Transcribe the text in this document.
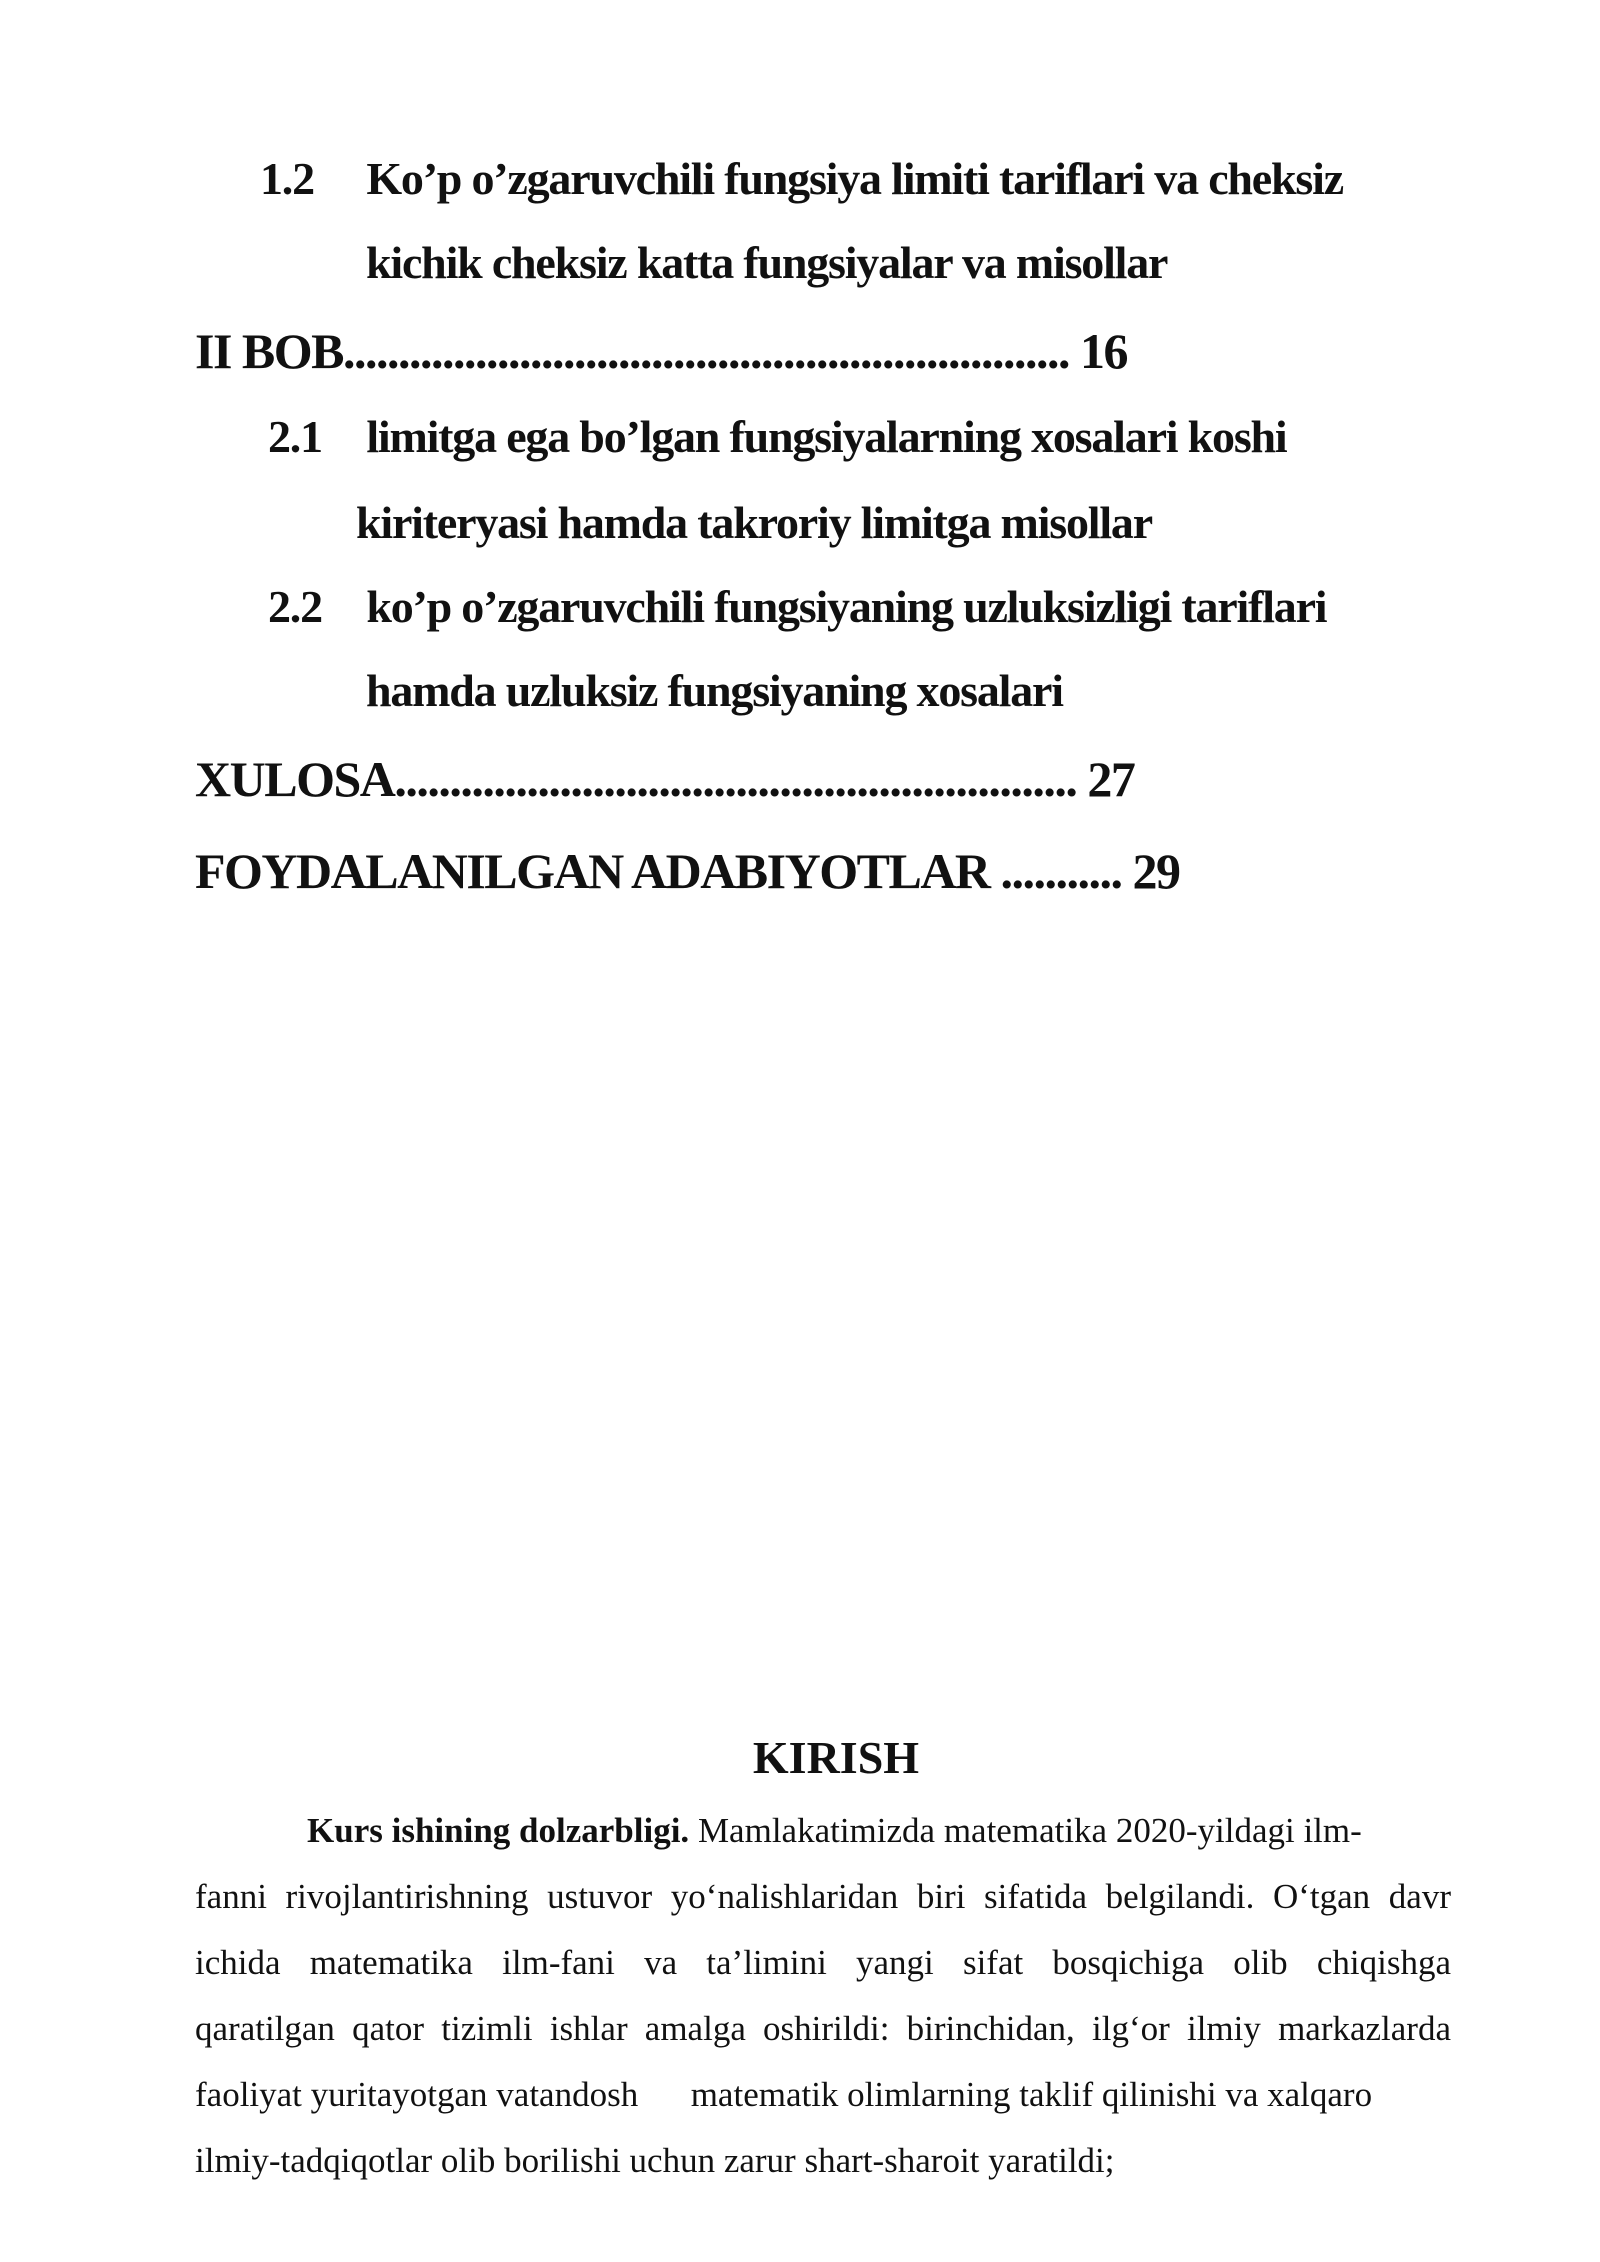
1.2 Ko’p o’zgaruvchili fungsiya limiti tariflari va cheksiz
kichik cheksiz katta fungsiyalar va misollar
II BOB.................................................................. 16
2.1 limitga ega bo’lgan fungsiyalarning xosalari koshi
kiriteryasi hamda takroriy limitga misollar
2.2 ko’p o’zgaruvchili fungsiyaning uzluksizligi tariflari
hamda uzluksiz fungsiyaning xosalari
XULOSA.............................................................. 27
FOYDALANILGAN ADABIYOTLAR ........... 29
KIRISH
Kurs ishining dolzarbligi. Mamlakatimizda matematika 2020-yildagi ilm-
fanni rivojlantirishning ustuvor yo‘nalishlaridan biri sifatida belgilandi. O‘tgan davr
ichida matematika ilm-fani va ta’limini yangi sifat bosqichiga olib chiqishga
qaratilgan qator tizimli ishlar amalga oshirildi: birinchidan, ilg‘or ilmiy markazlarda
faoliyat yuritayotgan vatandosh      matematik olimlarning taklif qilinishi va xalqaro
ilmiy-tadqiqotlar olib borilishi uchun zarur shart-sharoit yaratildi;
